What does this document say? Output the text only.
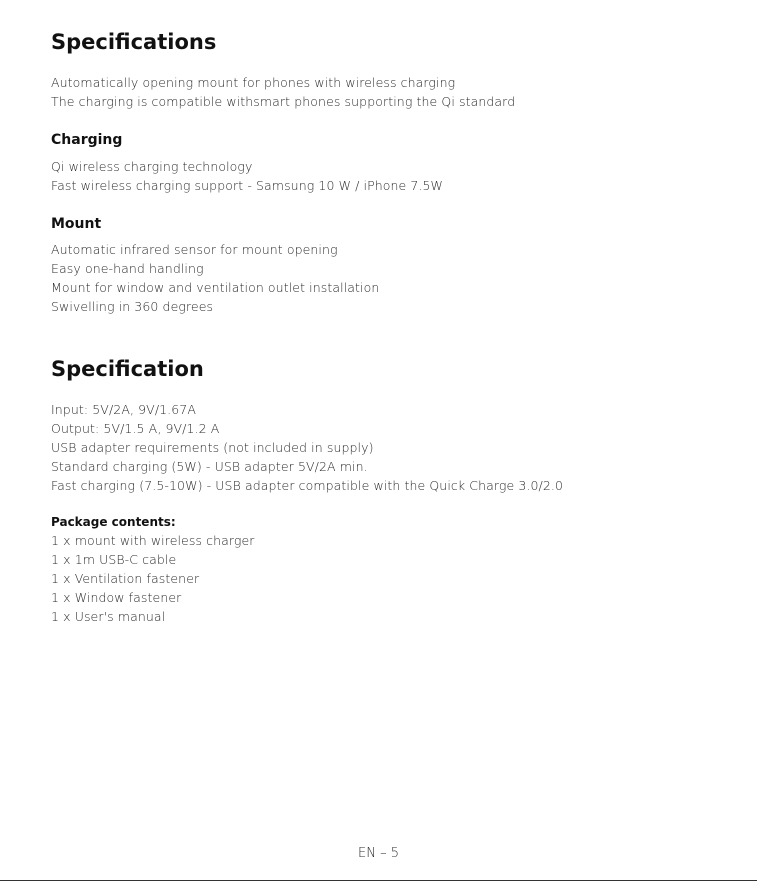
Specifications
Automatically opening mount for phones with wireless charging
The charging is compatible withsmart phones supporting the Qi standard
Charging
Qi wireless charging technology
Fast wireless charging support - Samsung 10 W / iPhone 7.5W
Mount
Automatic infrared sensor for mount opening
Easy one-hand handling
Mount for window and ventilation outlet installation
Swivelling in 360 degrees
Specification
Input: 5V/2A, 9V/1.67A
Output: 5V/1.5 A, 9V/1.2 A
USB adapter requirements (not included in supply)
Standard charging (5W) - USB adapter 5V/2A min.
Fast charging (7.5-10W) - USB adapter compatible with the Quick Charge 3.0/2.0
Package contents:
1 x mount with wireless charger
1 x 1m USB-C cable
1 x Ventilation fastener
1 x Window fastener
1 x User's manual
EN – 5
